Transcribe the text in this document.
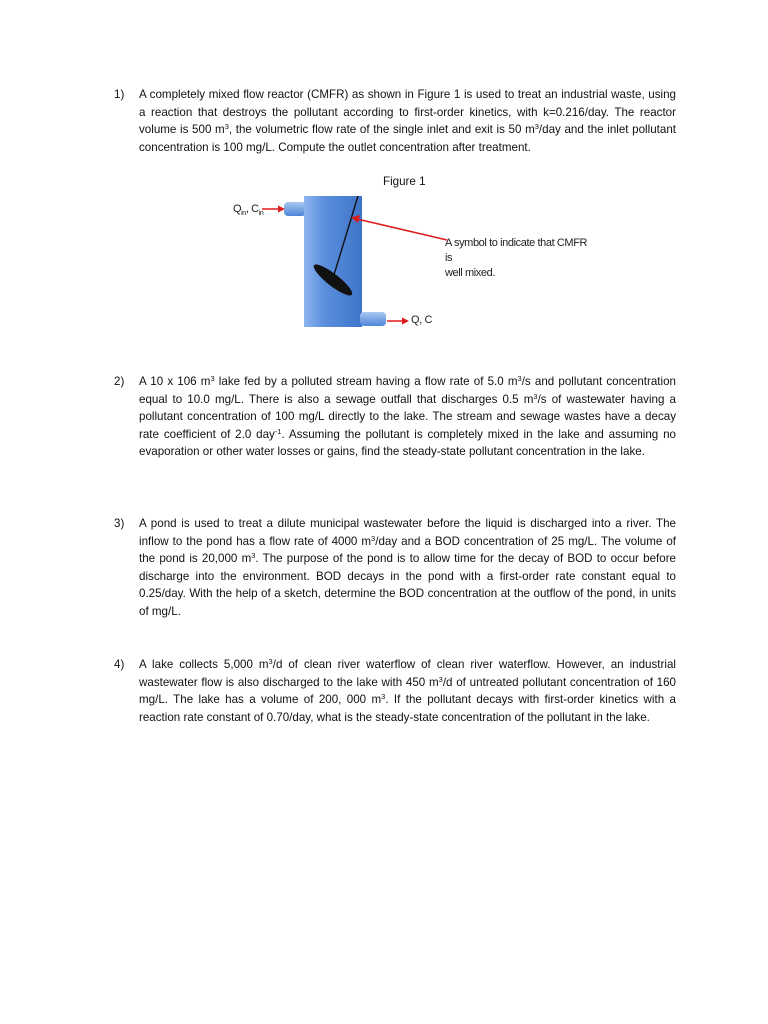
1) A completely mixed flow reactor (CMFR) as shown in Figure 1 is used to treat an industrial waste, using a reaction that destroys the pollutant according to first-order kinetics, with k=0.216/day. The reactor volume is 500 $m^3$, the volumetric flow rate of the single inlet and exit is 50 $m^3$/day and the inlet pollutant concentration is 100 mg/L. Compute the outlet concentration after treatment.
Figure 1
$Q_{in}$, $C_{in}$
Q, C
A symbol to indicate that CMFR is
well mixed.
2) A 10 x 106 $m^3$ lake fed by a polluted stream having a flow rate of 5.0 $m^3/s$ and pollutant concentration equal to 10.0 mg/L. There is also a sewage outfall that discharges 0.5 $m^3/s$ of wastewater having a pollutant concentration of 100 mg/L directly to the lake. The stream and sewage wastes have a decay rate coefficient of 2.0 day$^{-1}$. Assuming the pollutant is completely mixed in the lake and assuming no evaporation or other water losses or gains, find the steady-state pollutant concentration in the lake.
3) A pond is used to treat a dilute municipal wastewater before the liquid is discharged into a river. The inflow to the pond has a flow rate of 4000 $m^3$/day and a BOD concentration of 25 mg/L. The volume of the pond is 20,000 $m^3$. The purpose of the pond is to allow time for the decay of BOD to occur before discharge into the environment. BOD decays in the pond with a first-order rate constant equal to 0.25/day. With the help of a sketch, determine the BOD concentration at the outflow of the pond, in units of mg/L.
4) A lake collects 5,000 $m^3/d$ of clean river waterflow of clean river waterflow. However, an industrial wastewater flow is also discharged to the lake with 450 $m^3/d$ of untreated pollutant concentration of 160 mg/L. The lake has a volume of 200, 000 $m^3$. If the pollutant decays with first-order kinetics with a reaction rate constant of 0.70/day, what is the steady-state concentration of the pollutant in the lake.
